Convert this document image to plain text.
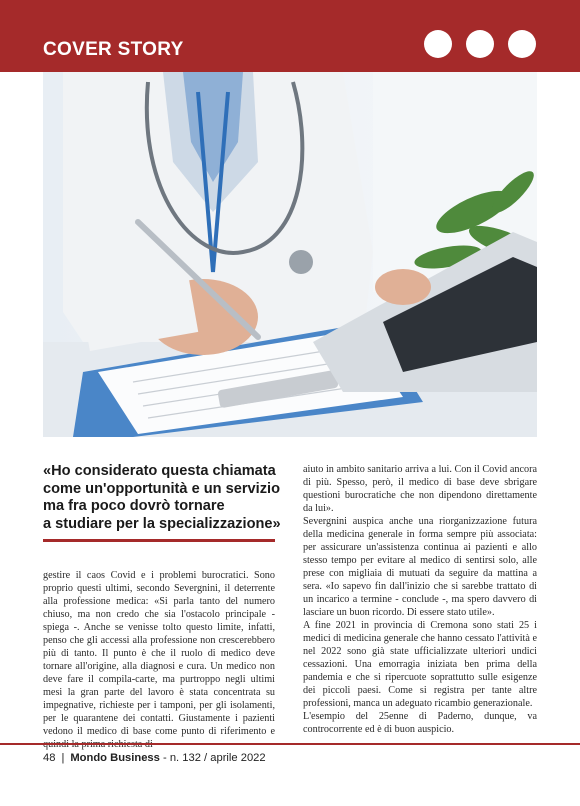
COVER STORY
«Ho considerato questa chiamata
come un'opportunità e un servizio
ma fra poco dovrò tornare
a studiare per la specializzazione»

gestire il caos Covid e i problemi burocratici. Sono proprio questi ultimi, secondo Severgnini, il deterrente alla professione medica: «Si parla tanto del numero chiuso, ma non credo che sia l'ostacolo principale - spiega -. Anche se venisse tolto questo limite, infatti, penso che gli accessi alla professione non crescerebbero più di tanto. Il punto è che il ruolo di medico deve tornare all'origine, alla diagnosi e cura. Un medico non deve fare il compila-carte, ma purtroppo negli ultimi mesi la gran parte del lavoro è stata concentrata su impegnative, richieste per i tamponi, per gli isolamenti, per le quarantene dei contatti. Giustamente i pazienti vedono il medico di base come punto di riferimento e

aiuto in ambito sanitario arriva a lui. Con il Covid ancora di più. Spesso, però, il medico di base deve sbrigare questioni burocratiche che non dipendono direttamente da lui».

Severgnini auspica anche una riorganizzazione futura della medicina generale in forma sempre più associata: per assicurare un'assistenza continua ai pazienti e allo stesso tempo per evitare al medico di sentirsi solo, alle prese con migliaia di mutuati da seguire da mattina a sera. «Io sapevo fin dall'inizio che si sarebbe trattato di un incarico a termine - conclude -, ma spero davvero di lasciare un buon ricordo. Di essere stato utile».

A fine 2021 in provincia di Cremona sono stati 25 i medici di medicina generale che hanno cessato l'attività e nel 2022 sono già state ufficializzate ulteriori undici cessazioni. Una emorragia iniziata ben prima della pandemia e che si ripercuote soprattutto sulle esigenze dei piccoli paesi. Come si registra per tante altre professioni, manca un adeguato ricambio generazionale.

L'esempio del 25enne di Paderno, dunque, va controcorrente ed è di buon auspicio.

48 | Mondo Business - n. 132 / aprile 2022
